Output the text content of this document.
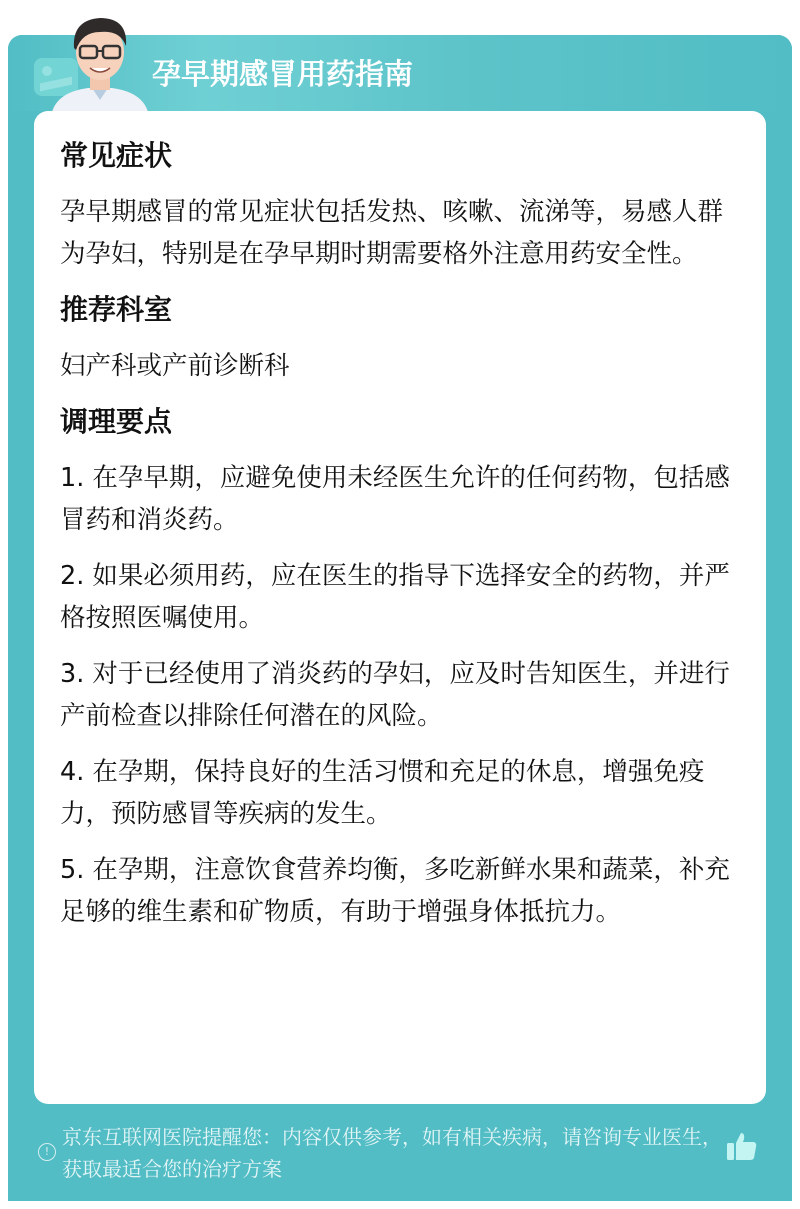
孕早期感冒用药指南
常见症状

孕早期感冒的常见症状包括发热、咳嗽、流涕等，易感人群为孕妇，特别是在孕早期时期需要格外注意用药安全性。

推荐科室

妇产科或产前诊断科

调理要点

1. 在孕早期，应避免使用未经医生允许的任何药物，包括感冒药和消炎药。

2. 如果必须用药，应在医生的指导下选择安全的药物，并严格按照医嘱使用。

3. 对于已经使用了消炎药的孕妇，应及时告知医生，并进行产前检查以排除任何潜在的风险。

4. 在孕期，保持良好的生活习惯和充足的休息，增强免疫力，预防感冒等疾病的发生。

5. 在孕期，注意饮食营养均衡，多吃新鲜水果和蔬菜，补充足够的维生素和矿物质，有助于增强身体抵抗力。

!
京东互联网医院提醒您：内容仅供参考，如有相关疾病，请咨询专业医生，获取最适合您的治疗方案
